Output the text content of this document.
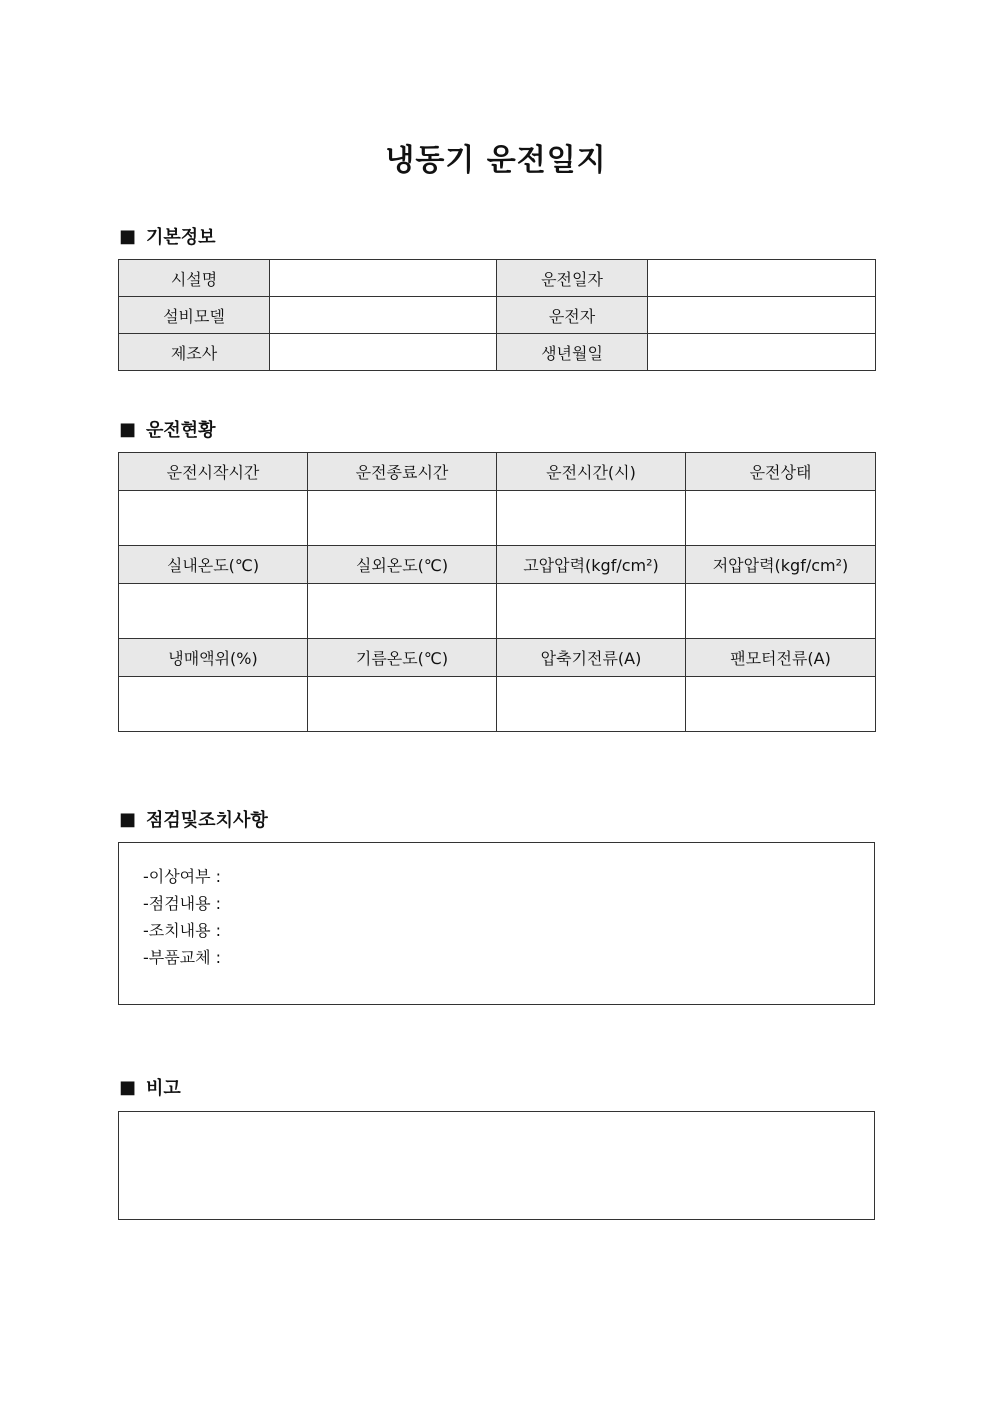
냉동기 운전일지
■ 기본정보
시설명		운전일자	
설비모델		운전자	
제조사		생년월일	
■ 운전현황
운전시작시간	운전종료시간	운전시간(시)	운전상태

실내온도(℃)	실외온도(℃)	고압압력(kgf/cm²)	저압압력(kgf/cm²)

냉매액위(%)	기름온도(℃)	압축기전류(A)	팬모터전류(A)

■ 점검및조치사항
-이상여부 :
-점검내용 :
-조치내용 :
-부품교체 :
■ 비고
